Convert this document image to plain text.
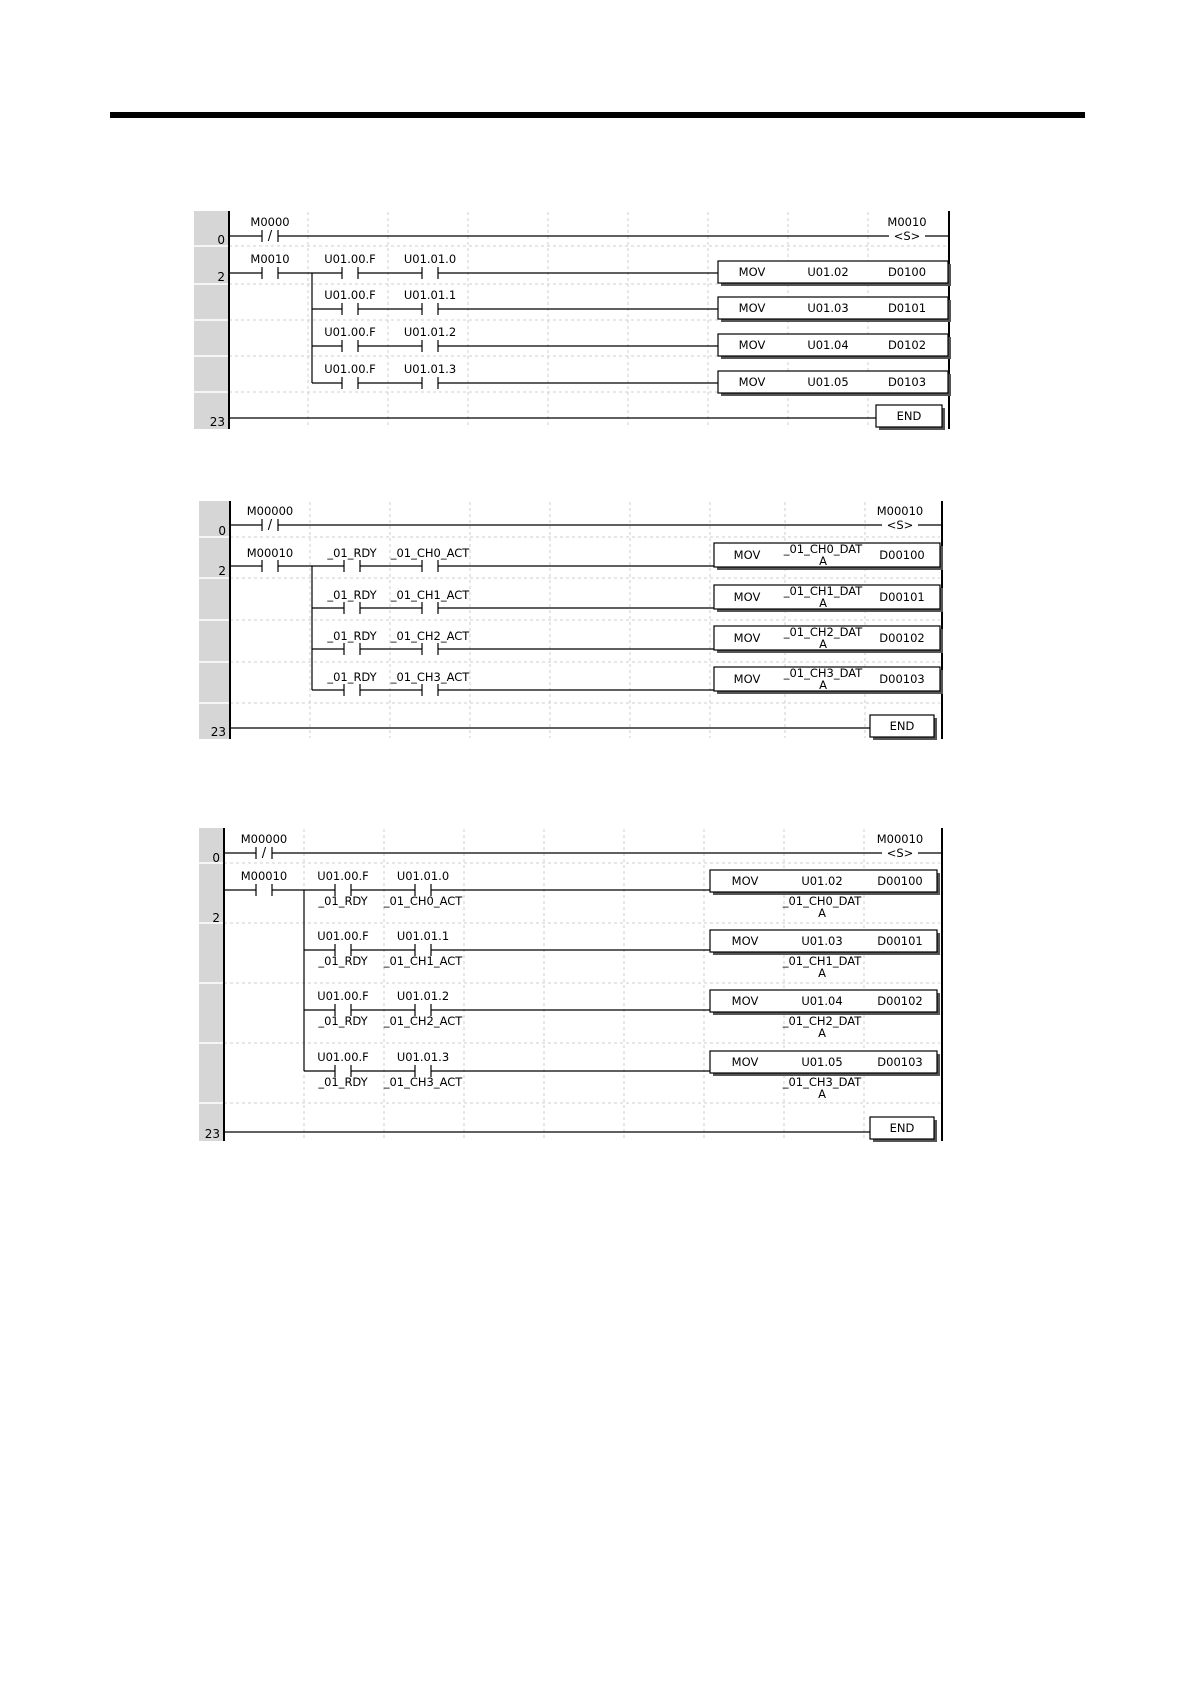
0
2
23
M0000
/
M0010
<S>
M0010	U01.00.F U01.01.0
MOV	U01.02	D0100
U01.00.F U01.01.1
MOV	U01.03	D0101
U01.00.F U01.01.2
MOV	U01.04	D0102
U01.00.F U01.01.3
MOV	U01.05	D0103
END
0
2
23
M00000
/
M00010
<S>
M00010	_01_RDY _01_CH0_ACT	MOV _01_CH0_DAT
A	D00100
_01_RDY _01_CH1_ACT	MOV _01_CH1_DAT
A	D00101
_01_RDY _01_CH2_ACT	MOV _01_CH2_DAT
A	D00102
_01_RDY _01_CH3_ACT	MOV _01_CH3_DAT
A	D00103
END
0
2
23
M00000
/
M00010
<S>
M00010	U01.00.F
_01_RDY
U01.01.0
_01_CH0_ACT
MOV	U01.02	D00100
_01_CH0_DAT
A
U01.00.F
_01_RDY
U01.01.1
_01_CH1_ACT
MOV	U01.03	D00101
_01_CH1_DAT
A
U01.00.F
_01_RDY
U01.01.2
_01_CH2_ACT
MOV	U01.04	D00102
_01_CH2_DAT
A
U01.00.F
_01_RDY
U01.01.3
_01_CH3_ACT
MOV	U01.05	D00103
_01_CH3_DAT
A
END
